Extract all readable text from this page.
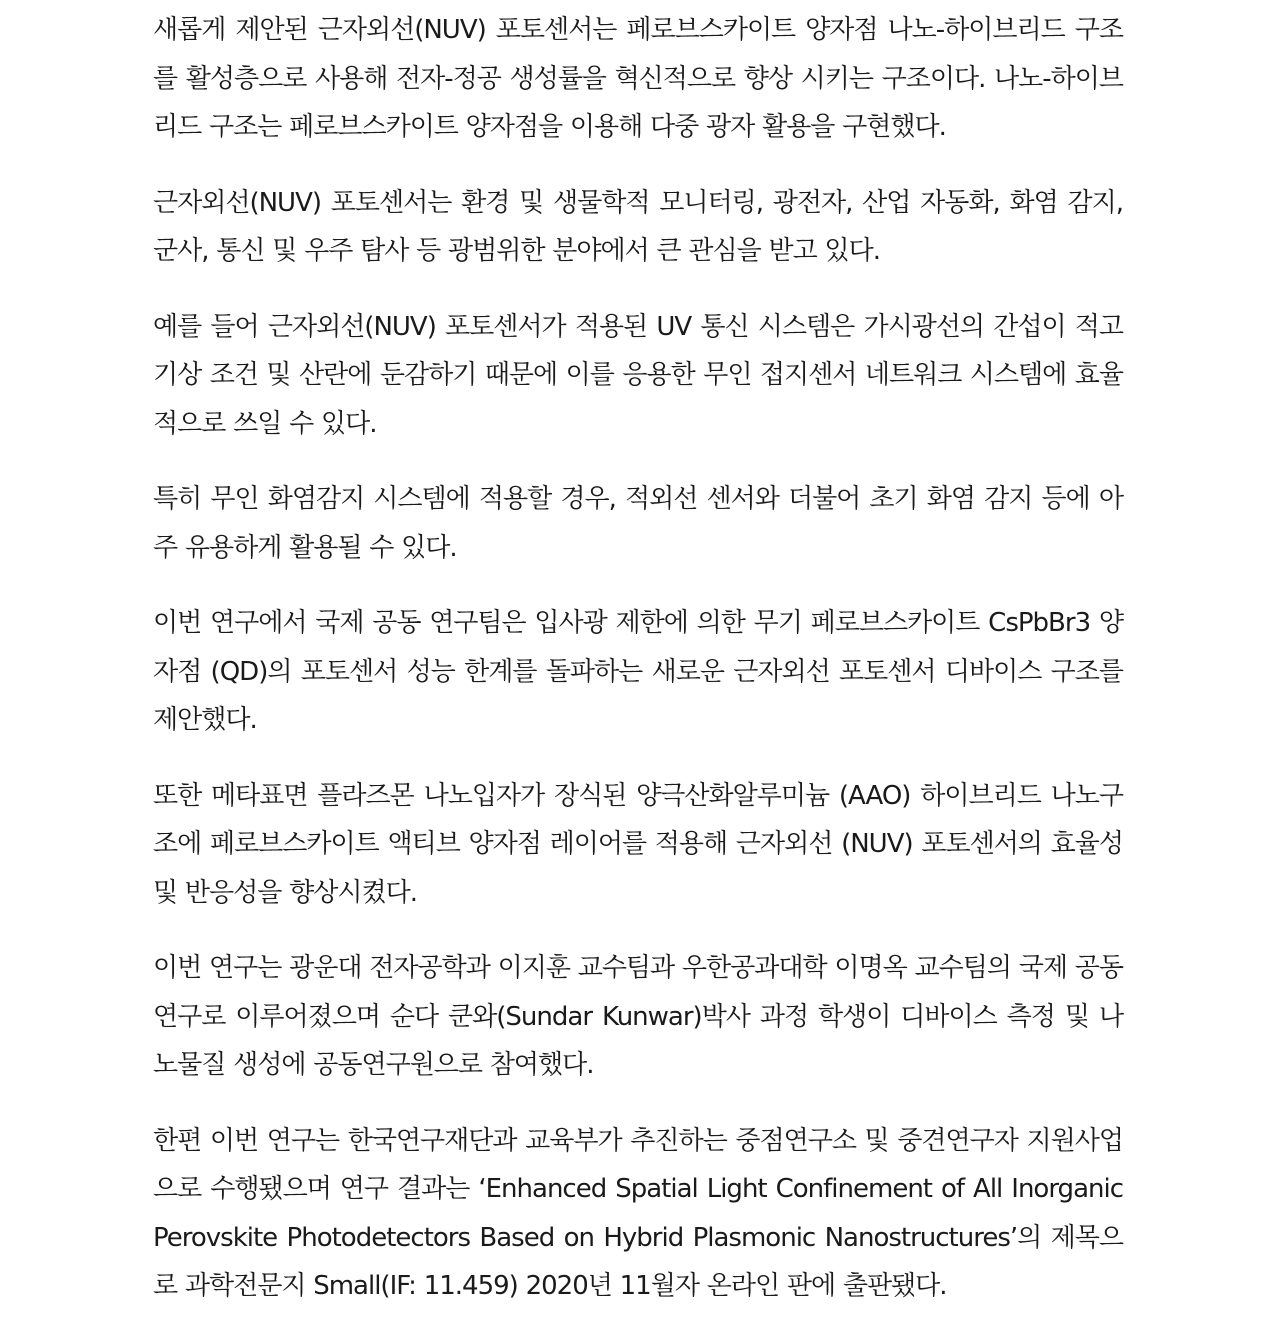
새롭게 제안된 근자외선(NUV) 포토센서는 페로브스카이트 양자점 나노-하이브리드 구조를 활성층으로 사용해 전자-정공 생성률을 혁신적으로 향상 시키는 구조이다. 나노-하이브리드 구조는 페로브스카이트 양자점을 이용해 다중 광자 활용을 구현했다.

근자외선(NUV) 포토센서는 환경 및 생물학적 모니터링, 광전자, 산업 자동화, 화염 감지, 군사, 통신 및 우주 탐사 등 광범위한 분야에서 큰 관심을 받고 있다.

예를 들어 근자외선(NUV) 포토센서가 적용된 UV 통신 시스템은 가시광선의 간섭이 적고 기상 조건 및 산란에 둔감하기 때문에 이를 응용한 무인 접지센서 네트워크 시스템에 효율적으로 쓰일 수 있다.

특히 무인 화염감지 시스템에 적용할 경우, 적외선 센서와 더불어 초기 화염 감지 등에 아주 유용하게 활용될 수 있다.

이번 연구에서 국제 공동 연구팀은 입사광 제한에 의한 무기 페로브스카이트 CsPbBr3 양자점 (QD)의 포토센서 성능 한계를 돌파하는 새로운 근자외선 포토센서 디바이스 구조를 제안했다.

또한 메타표면 플라즈몬 나노입자가 장식된 양극산화알루미늄 (AAO) 하이브리드 나노구조에 페로브스카이트 액티브 양자점 레이어를 적용해 근자외선 (NUV) 포토센서의 효율성 및 반응성을 향상시켰다.

이번 연구는 광운대 전자공학과 이지훈 교수팀과 우한공과대학 이명옥 교수팀의 국제 공동연구로 이루어졌으며 순다 쿤와(Sundar Kunwar)박사 과정 학생이 디바이스 측정 및 나노물질 생성에 공동연구원으로 참여했다.

한편 이번 연구는 한국연구재단과 교육부가 추진하는 중점연구소 및 중견연구자 지원사업으로 수행됐으며 연구 결과는 ‘Enhanced Spatial Light Confinement of All Inorganic Perovskite Photodetectors Based on Hybrid Plasmonic Nanostructures’의 제목으로 과학전문지 Small(IF: 11.459) 2020년 11월자 온라인 판에 출판됐다.
